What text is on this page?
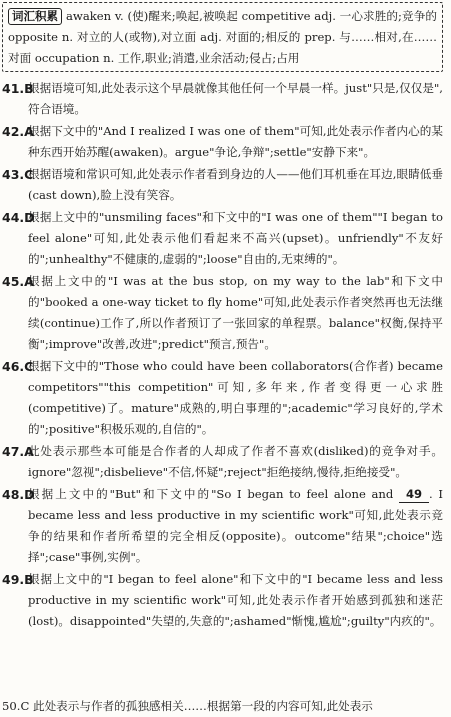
词汇积累 awaken v. (使)醒来;唤起,被唤起 competitive adj. 一心求胜的;竞争的 opposite n. 对立的人(或物),对立面 adj. 对面的;相反的 prep. 与……相对,在……对面 occupation n. 工作,职业;消遣,业余活动;侵占;占用
41.B
根据语境可知,此处表示这个早晨就像其他任何一个早晨一样。just"只是,仅仅是",符合语境。
42.A
根据下文中的"And I realized I was one of them"可知,此处表示作者内心的某种东西开始苏醒(awaken)。argue"争论,争辩";settle"安静下来"。
43.C
根据语境和常识可知,此处表示作者看到身边的人——他们耳机垂在耳边,眼睛低垂(cast down),脸上没有笑容。
44.D
根据上文中的"unsmiling faces"和下文中的"I was one of them""I began to feel alone"可知,此处表示他们看起来不高兴(upset)。unfriendly"不友好的";unhealthy"不健康的,虚弱的";loose"自由的,无束缚的"。
45.A
根据上文中的"I was at the bus stop, on my way to the lab"和下文中的"booked a one-way ticket to fly home"可知,此处表示作者突然再也无法继续(continue)工作了,所以作者预订了一张回家的单程票。balance"权衡,保持平衡";improve"改善,改进";predict"预言,预告"。
46.C
根据下文中的"Those who could have been collaborators(合作者) became competitors""this competition"可知,多年来,作者变得更一心求胜(competitive)了。mature"成熟的,明白事理的";academic"学习良好的,学术的";positive"积极乐观的,自信的"。
47.A
此处表示那些本可能是合作者的人却成了作者不喜欢(disliked)的竞争对手。ignore"忽视";disbelieve"不信,怀疑";reject"拒绝接纳,慢待,拒绝接受"。
48.D
根据上文中的"But"和下文中的"So I began to feel alone and 49 . I became less and less productive in my scientific work"可知,此处表示竞争的结果和作者所希望的完全相反(opposite)。outcome"结果";choice"选择";case"事例,实例"。
49.B
根据上文中的"I began to feel alone"和下文中的"I became less and less productive in my scientific work"可知,此处表示作者开始感到孤独和迷茫(lost)。disappointed"失望的,失意的";ashamed"惭愧,尴尬";guilty"内疚的"。
50.C 此处表示与作者的孤独感相关……根据第一段的内容可知,此处表示
